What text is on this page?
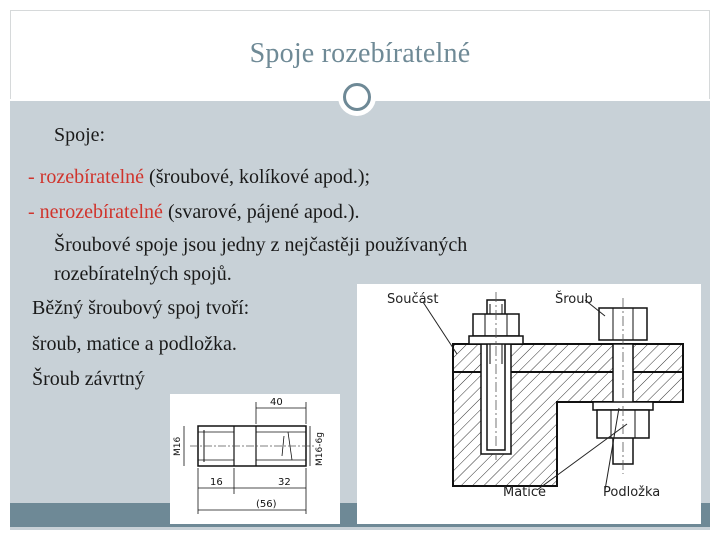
Spoje rozebíratelné
Spoje:
- rozebíratelné (šroubové, kolíkové apod.);
- nerozebíratelné (svarové, pájené apod.).
Šroubové spoje jsou jedny z nejčastěji používaných
rozebíratelných spojů.
Běžný šroubový spoj tvoří:
šroub, matice a podložka.
Šroub závrtný
Součást	Šroub
Matice	Podložka
40
M16	M16-6g
16	32
(56)
